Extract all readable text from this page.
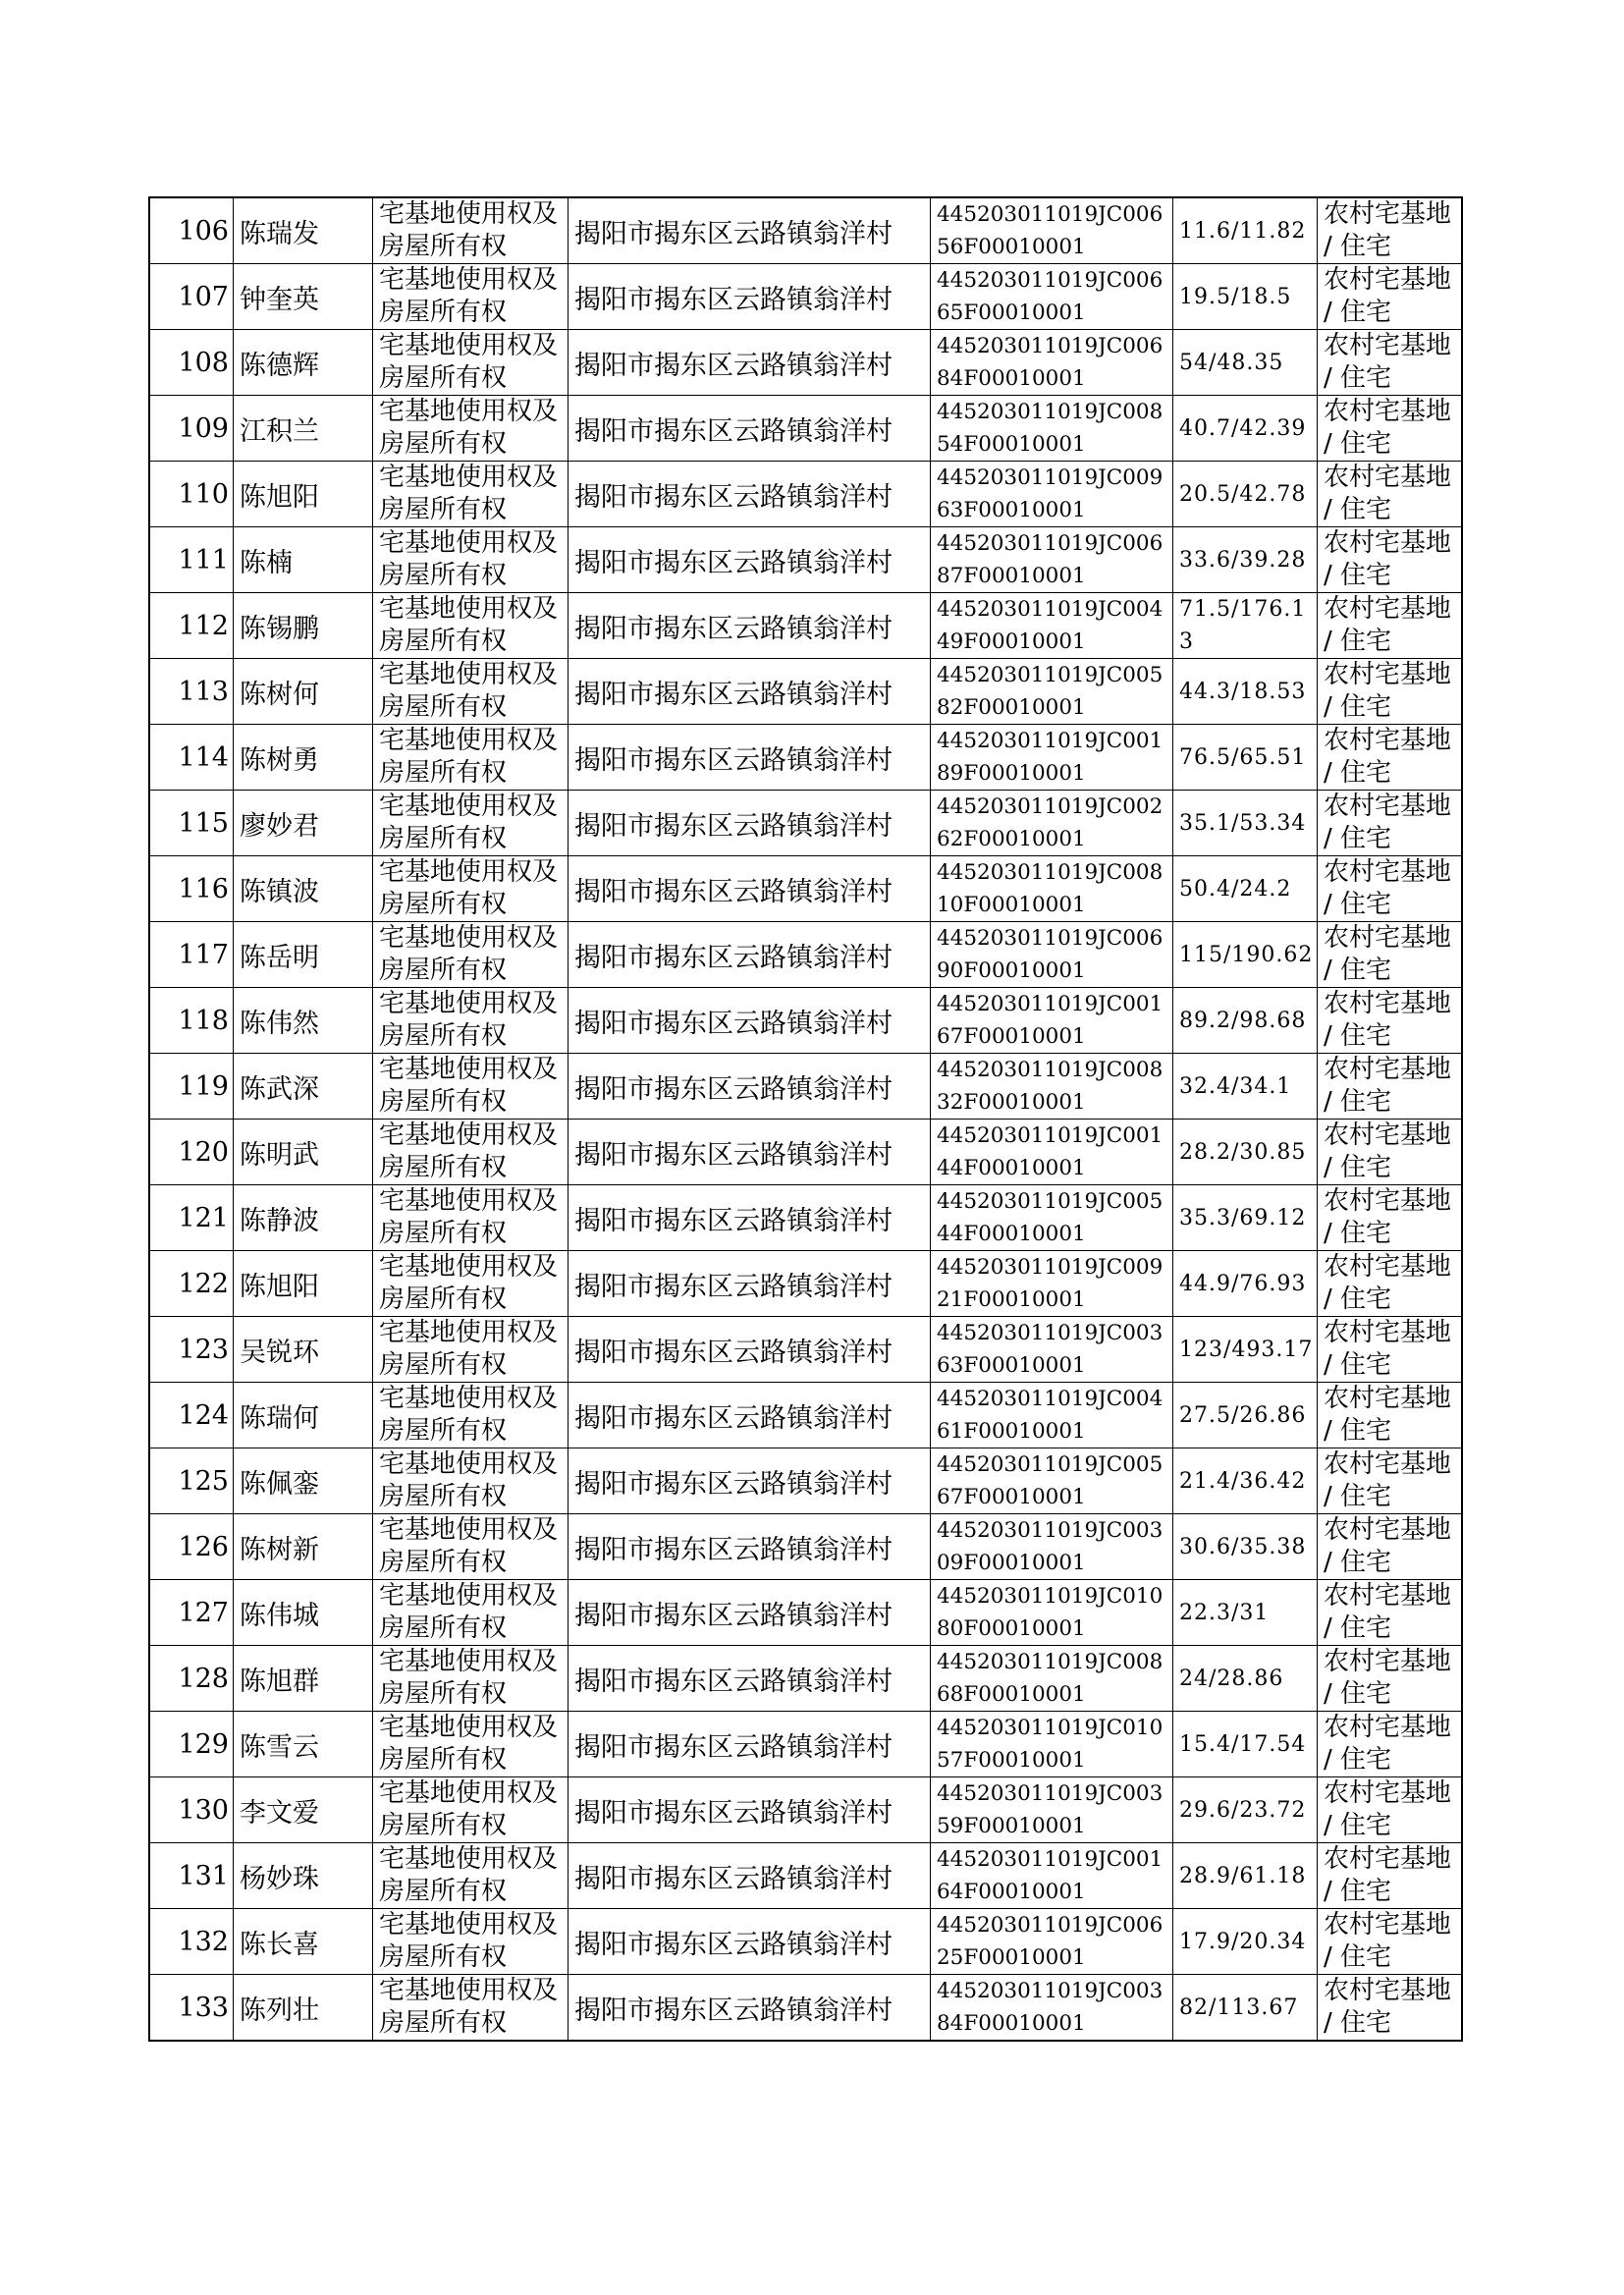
106	陈瑞发	宅基地使用权及房屋所有权	揭阳市揭东区云路镇翁洋村	445203011019JC00656F00010001	11.6/11.82	农村宅基地 / 住宅
107	钟奎英	宅基地使用权及房屋所有权	揭阳市揭东区云路镇翁洋村	445203011019JC00665F00010001	19.5/18.5	农村宅基地 / 住宅
108	陈德辉	宅基地使用权及房屋所有权	揭阳市揭东区云路镇翁洋村	445203011019JC00684F00010001	54/48.35	农村宅基地 / 住宅
109	江积兰	宅基地使用权及房屋所有权	揭阳市揭东区云路镇翁洋村	445203011019JC00854F00010001	40.7/42.39	农村宅基地 / 住宅
110	陈旭阳	宅基地使用权及房屋所有权	揭阳市揭东区云路镇翁洋村	445203011019JC00963F00010001	20.5/42.78	农村宅基地 / 住宅
111	陈楠	宅基地使用权及房屋所有权	揭阳市揭东区云路镇翁洋村	445203011019JC00687F00010001	33.6/39.28	农村宅基地 / 住宅
112	陈锡鹏	宅基地使用权及房屋所有权	揭阳市揭东区云路镇翁洋村	445203011019JC00449F00010001	71.5/176.13	农村宅基地 / 住宅
113	陈树何	宅基地使用权及房屋所有权	揭阳市揭东区云路镇翁洋村	445203011019JC00582F00010001	44.3/18.53	农村宅基地 / 住宅
114	陈树勇	宅基地使用权及房屋所有权	揭阳市揭东区云路镇翁洋村	445203011019JC00189F00010001	76.5/65.51	农村宅基地 / 住宅
115	廖妙君	宅基地使用权及房屋所有权	揭阳市揭东区云路镇翁洋村	445203011019JC00262F00010001	35.1/53.34	农村宅基地 / 住宅
116	陈镇波	宅基地使用权及房屋所有权	揭阳市揭东区云路镇翁洋村	445203011019JC00810F00010001	50.4/24.2	农村宅基地 / 住宅
117	陈岳明	宅基地使用权及房屋所有权	揭阳市揭东区云路镇翁洋村	445203011019JC00690F00010001	115/190.62	农村宅基地 / 住宅
118	陈伟然	宅基地使用权及房屋所有权	揭阳市揭东区云路镇翁洋村	445203011019JC00167F00010001	89.2/98.68	农村宅基地 / 住宅
119	陈武深	宅基地使用权及房屋所有权	揭阳市揭东区云路镇翁洋村	445203011019JC00832F00010001	32.4/34.1	农村宅基地 / 住宅
120	陈明武	宅基地使用权及房屋所有权	揭阳市揭东区云路镇翁洋村	445203011019JC00144F00010001	28.2/30.85	农村宅基地 / 住宅
121	陈静波	宅基地使用权及房屋所有权	揭阳市揭东区云路镇翁洋村	445203011019JC00544F00010001	35.3/69.12	农村宅基地 / 住宅
122	陈旭阳	宅基地使用权及房屋所有权	揭阳市揭东区云路镇翁洋村	445203011019JC00921F00010001	44.9/76.93	农村宅基地 / 住宅
123	吴锐环	宅基地使用权及房屋所有权	揭阳市揭东区云路镇翁洋村	445203011019JC00363F00010001	123/493.17	农村宅基地 / 住宅
124	陈瑞何	宅基地使用权及房屋所有权	揭阳市揭东区云路镇翁洋村	445203011019JC00461F00010001	27.5/26.86	农村宅基地 / 住宅
125	陈佩銮	宅基地使用权及房屋所有权	揭阳市揭东区云路镇翁洋村	445203011019JC00567F00010001	21.4/36.42	农村宅基地 / 住宅
126	陈树新	宅基地使用权及房屋所有权	揭阳市揭东区云路镇翁洋村	445203011019JC00309F00010001	30.6/35.38	农村宅基地 / 住宅
127	陈伟城	宅基地使用权及房屋所有权	揭阳市揭东区云路镇翁洋村	445203011019JC01080F00010001	22.3/31	农村宅基地 / 住宅
128	陈旭群	宅基地使用权及房屋所有权	揭阳市揭东区云路镇翁洋村	445203011019JC00868F00010001	24/28.86	农村宅基地 / 住宅
129	陈雪云	宅基地使用权及房屋所有权	揭阳市揭东区云路镇翁洋村	445203011019JC01057F00010001	15.4/17.54	农村宅基地 / 住宅
130	李文爱	宅基地使用权及房屋所有权	揭阳市揭东区云路镇翁洋村	445203011019JC00359F00010001	29.6/23.72	农村宅基地 / 住宅
131	杨妙珠	宅基地使用权及房屋所有权	揭阳市揭东区云路镇翁洋村	445203011019JC00164F00010001	28.9/61.18	农村宅基地 / 住宅
132	陈长喜	宅基地使用权及房屋所有权	揭阳市揭东区云路镇翁洋村	445203011019JC00625F00010001	17.9/20.34	农村宅基地 / 住宅
133	陈列壮	宅基地使用权及房屋所有权	揭阳市揭东区云路镇翁洋村	445203011019JC00384F00010001	82/113.67	农村宅基地 / 住宅
